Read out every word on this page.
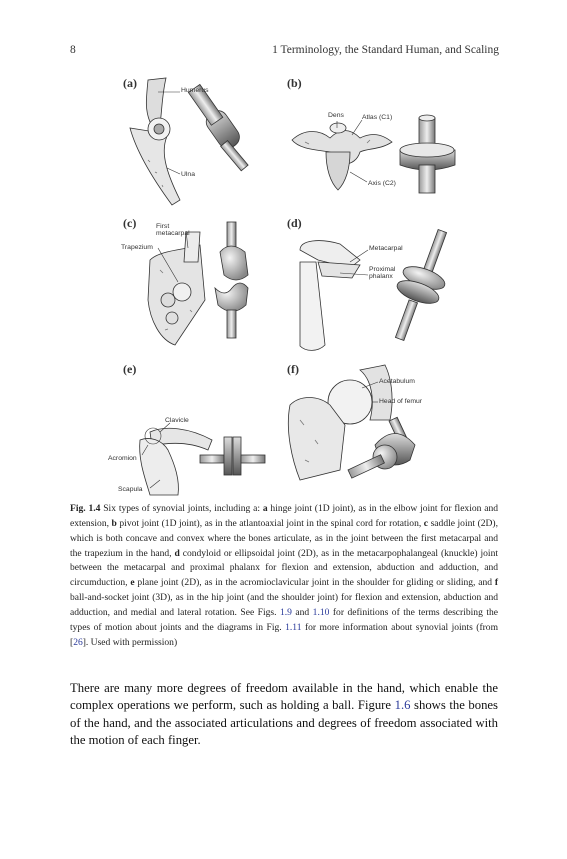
8	1 Terminology, the Standard Human, and Scaling
(a)	(b)
(c)	(d)
(e)	(f)
Humerus
Ulna
Dens	Atlas (C1)
Axis (C2)
First
metacarpal
Trapezium	Metacarpal
Proximal
phalanx
Clavicle
Acromion
Scapula
Acetabulum
Head of femur
Fig. 1.4 Six types of synovial joints, including a: a hinge joint (1D joint), as in the elbow joint for flexion and extension, b pivot joint (1D joint), as in the atlantoaxial joint in the spinal cord for rotation, c saddle joint (2D), which is both concave and convex where the bones articulate, as in the joint between the first metacarpal and the trapezium in the hand, d condyloid or ellipsoidal joint (2D), as in the metacarpophalangeal (knuckle) joint between the metacarpal and proximal phalanx for flexion and extension, abduction and adduction, and circumduction, e plane joint (2D), as in the acromioclavicular joint in the shoulder for gliding or sliding, and f ball-and-socket joint (3D), as in the hip joint (and the shoulder joint) for flexion and extension, abduction and adduction, and medial and lateral rotation. See Figs. 1.9 and 1.10 for definitions of the terms describing the types of motion about joints and the diagrams in Fig. 1.11 for more information about synovial joints (from [26]. Used with permission)
There are many more degrees of freedom available in the hand, which enable the complex operations we perform, such as holding a ball. Figure 1.6 shows the bones of the hand, and the associated articulations and degrees of freedom associated with the motion of each finger.
